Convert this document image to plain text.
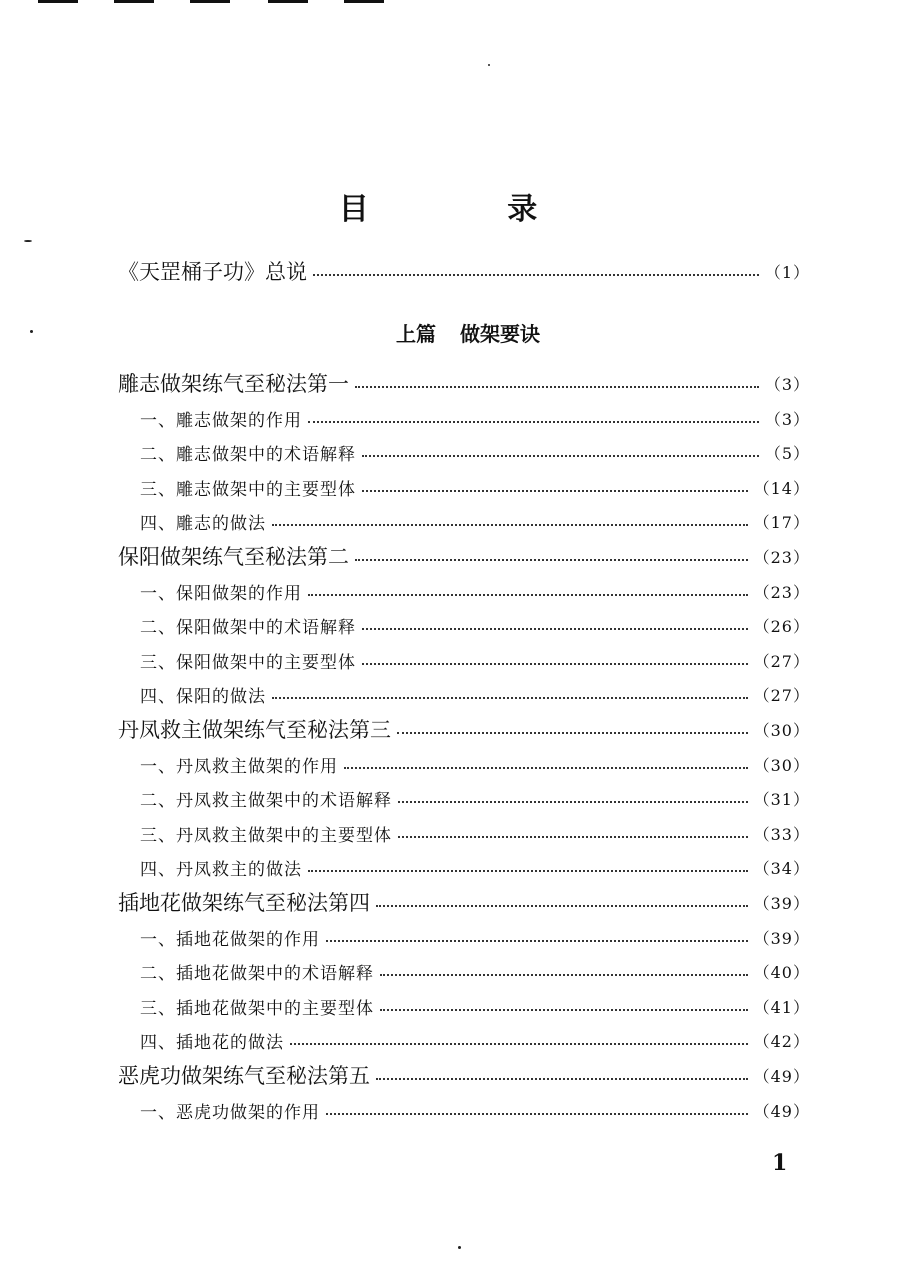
目 录
《天罡桶子功》总说	（1）
上篇 做架要诀
雕志做架练气至秘法第一	（3）
一、雕志做架的作用	（3）
二、雕志做架中的术语解释	（5）
三、雕志做架中的主要型体	（14）
四、雕志的做法	（17）
保阳做架练气至秘法第二	（23）
一、保阳做架的作用	（23）
二、保阳做架中的术语解释	（26）
三、保阳做架中的主要型体	（27）
四、保阳的做法	（27）
丹凤救主做架练气至秘法第三	（30）
一、丹凤救主做架的作用	（30）
二、丹凤救主做架中的术语解释	（31）
三、丹凤救主做架中的主要型体	（33）
四、丹凤救主的做法	（34）
插地花做架练气至秘法第四	（39）
一、插地花做架的作用	（39）
二、插地花做架中的术语解释	（40）
三、插地花做架中的主要型体	（41）
四、插地花的做法	（42）
恶虎功做架练气至秘法第五	（49）
一、恶虎功做架的作用	（49）
1
